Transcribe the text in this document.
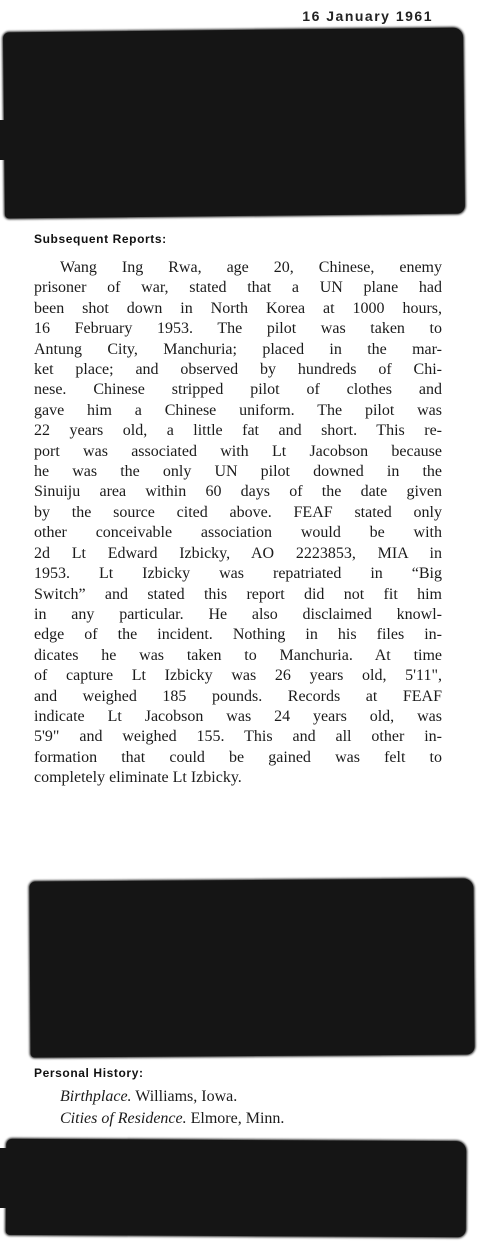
16 January 1961
Subsequent Reports:
Wang Ing Rwa, age 20, Chinese, enemy
prisoner of war, stated that a UN plane had
been shot down in North Korea at 1000 hours,
16 February 1953. The pilot was taken to
Antung City, Manchuria; placed in the mar-
ket place; and observed by hundreds of Chi-
nese. Chinese stripped pilot of clothes and
gave him a Chinese uniform. The pilot was
22 years old, a little fat and short. This re-
port was associated with Lt Jacobson because
he was the only UN pilot downed in the
Sinuiju area within 60 days of the date given
by the source cited above. FEAF stated only
other conceivable association would be with
2d Lt Edward Izbicky, AO 2223853, MIA in
1953. Lt Izbicky was repatriated in “Big
Switch” and stated this report did not fit him
in any particular. He also disclaimed knowl-
edge of the incident. Nothing in his files in-
dicates he was taken to Manchuria. At time
of capture Lt Izbicky was 26 years old, 5'11",
and weighed 185 pounds. Records at FEAF
indicate Lt Jacobson was 24 years old, was
5'9" and weighed 155. This and all other in-
formation that could be gained was felt to
completely eliminate Lt Izbicky.
Personal History:
Birthplace. Williams, Iowa.
Cities of Residence. Elmore, Minn.
